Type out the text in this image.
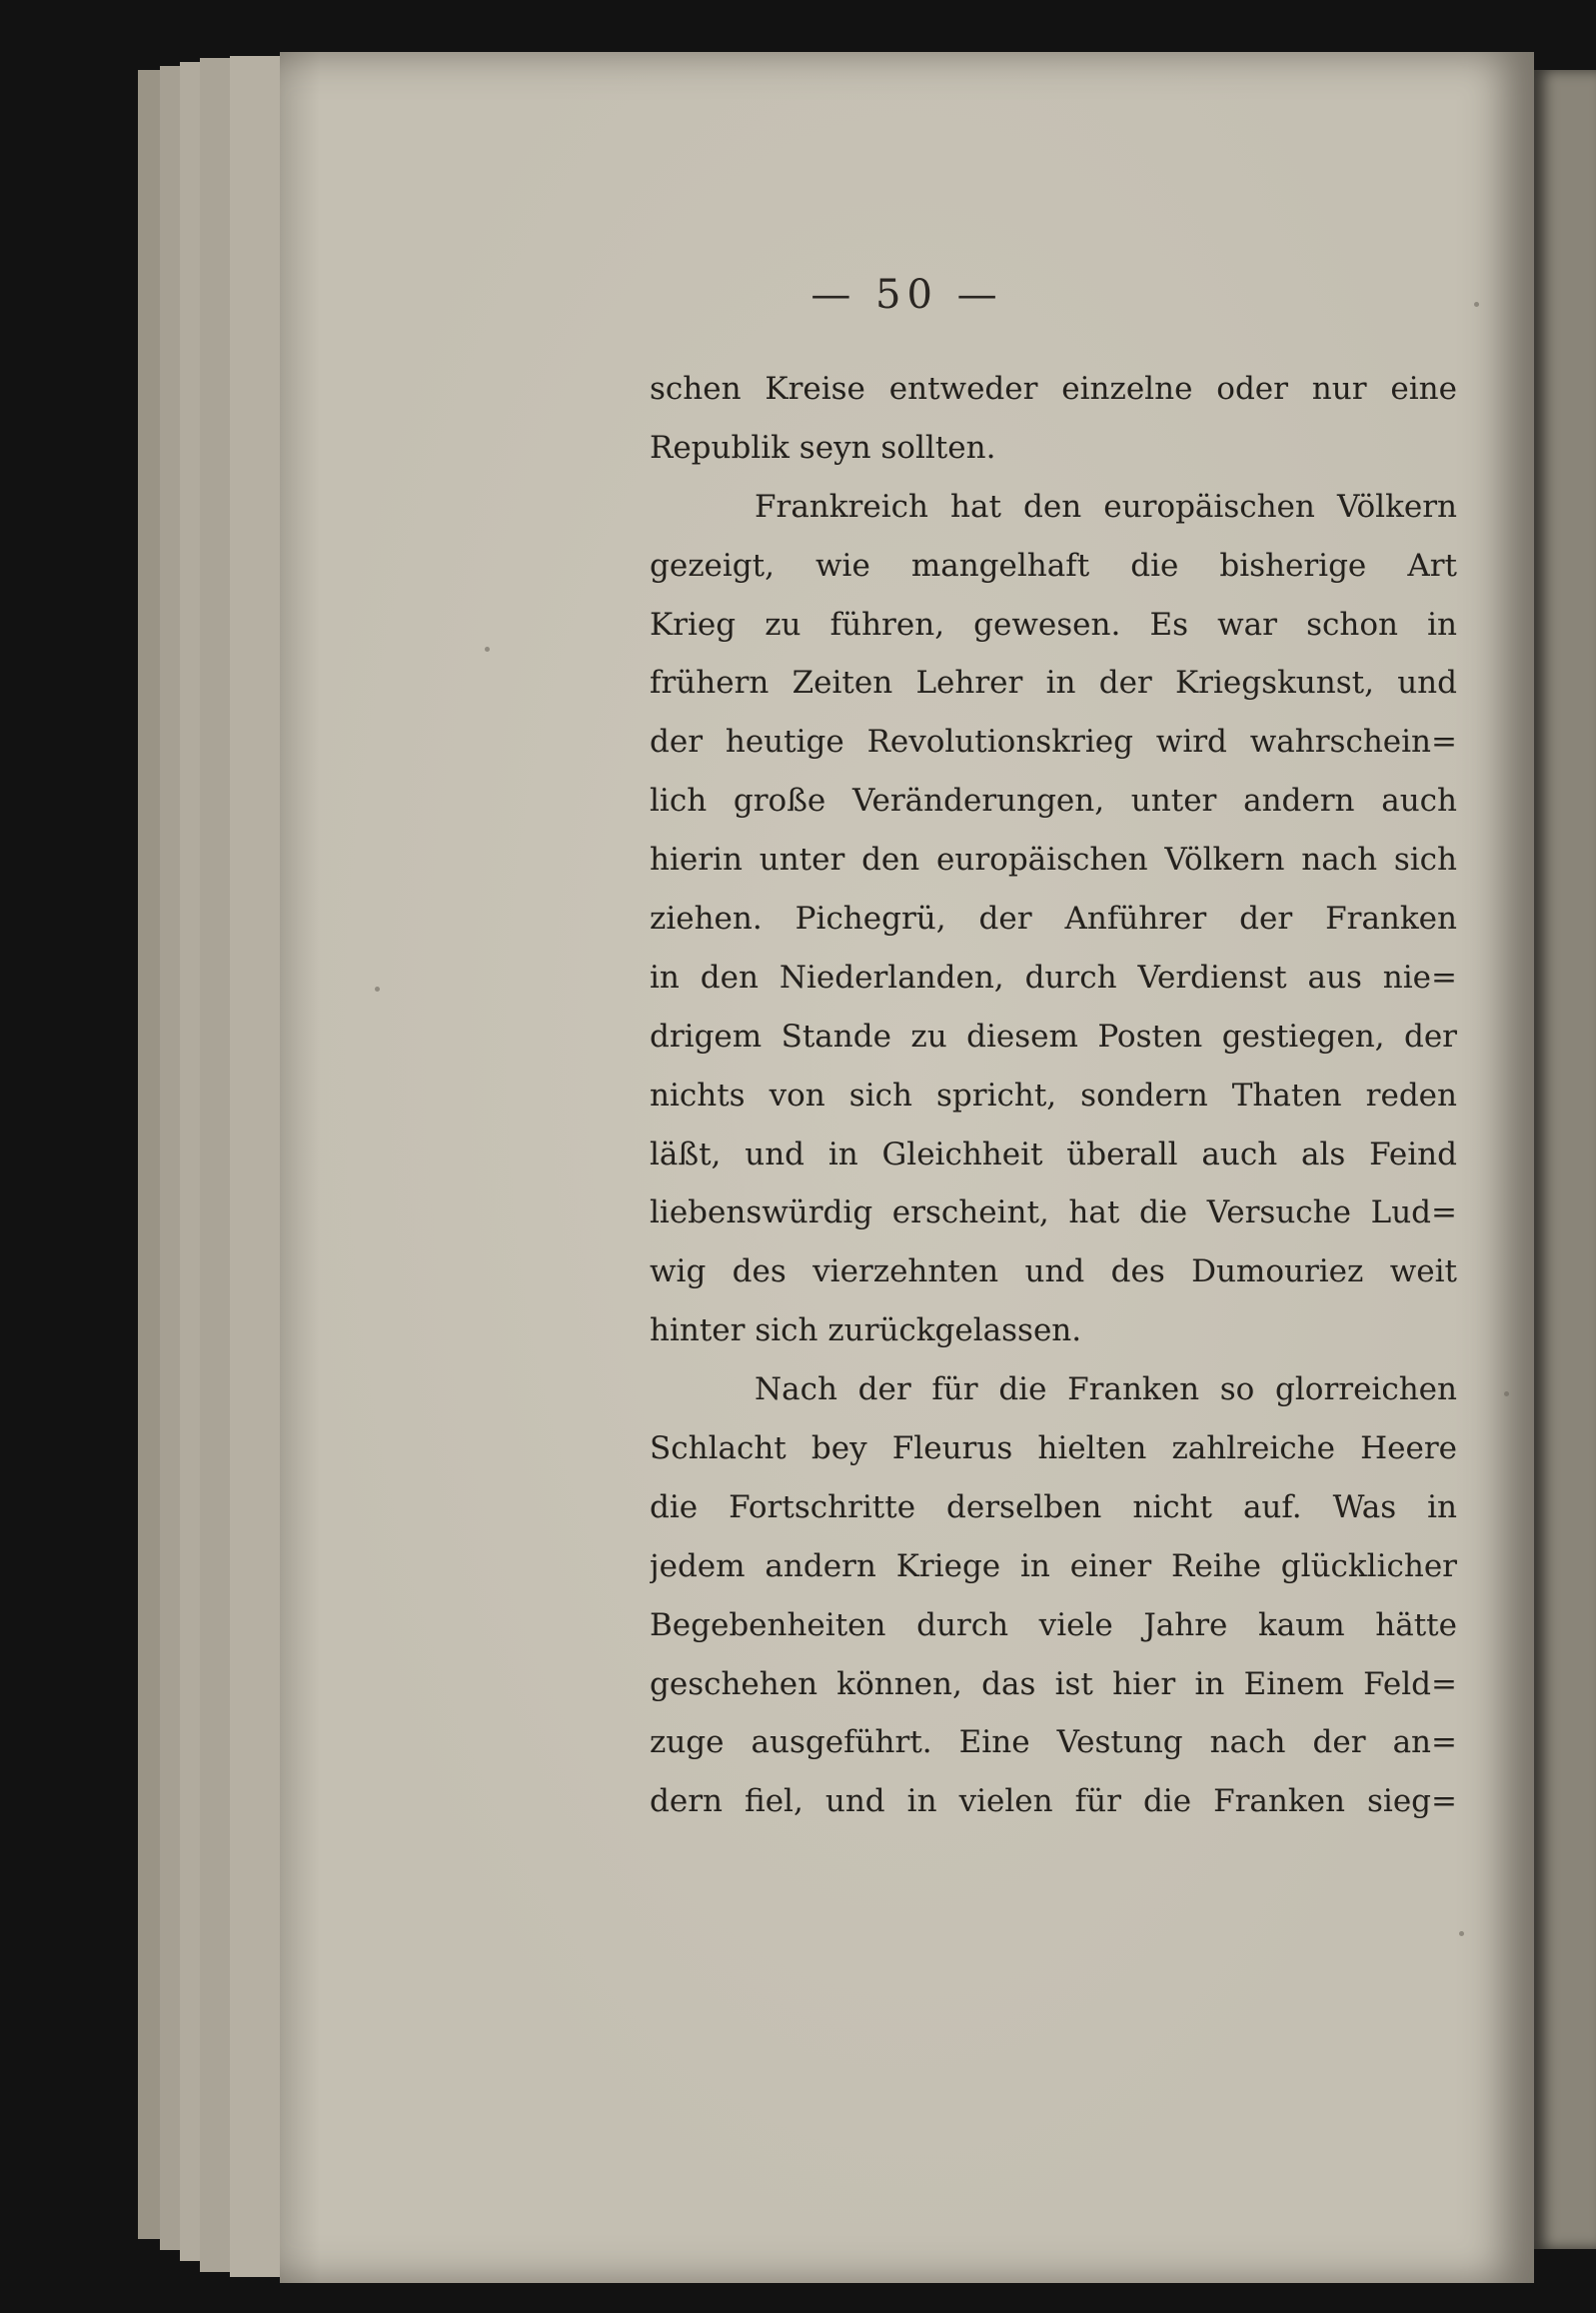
— 50 —

schen Kreise entweder einzelne oder nur eine
Republik seyn sollten.
Frankreich hat den europäischen Völkern
gezeigt, wie mangelhaft die bisherige Art
Krieg zu führen, gewesen. Es war schon in
frühern Zeiten Lehrer in der Kriegskunst, und
der heutige Revolutionskrieg wird wahrschein=
lich große Veränderungen, unter andern auch
hierin unter den europäischen Völkern nach sich
ziehen. Pichegrü, der Anführer der Franken
in den Niederlanden, durch Verdienst aus nie=
drigem Stande zu diesem Posten gestiegen, der
nichts von sich spricht, sondern Thaten reden
läßt, und in Gleichheit überall auch als Feind
liebenswürdig erscheint, hat die Versuche Lud=
wig des vierzehnten und des Dumouriez weit
hinter sich zurückgelassen.
Nach der für die Franken so glorreichen
Schlacht bey Fleurus hielten zahlreiche Heere
die Fortschritte derselben nicht auf. Was in
jedem andern Kriege in einer Reihe glücklicher
Begebenheiten durch viele Jahre kaum hätte
geschehen können, das ist hier in Einem Feld=
zuge ausgeführt. Eine Vestung nach der an=
dern fiel, und in vielen für die Franken sieg=
